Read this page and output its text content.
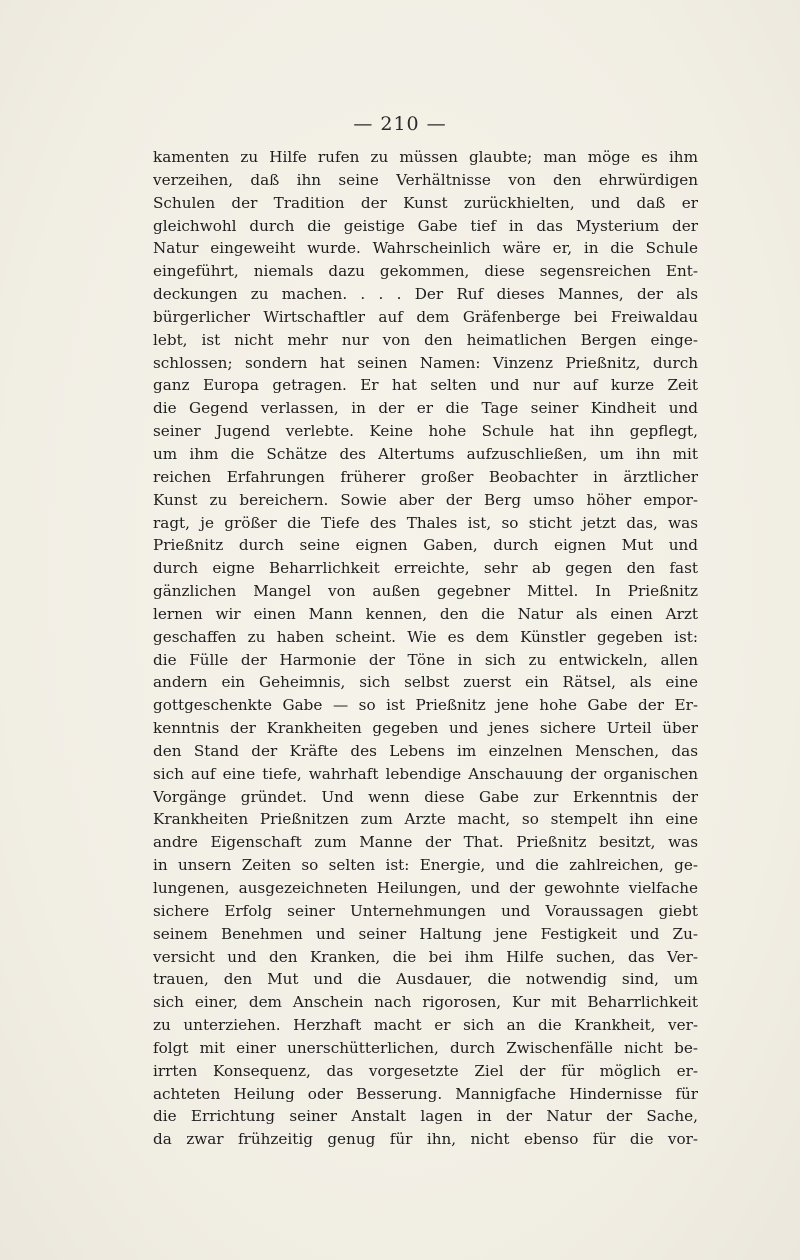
— 210 —
kamenten zu Hilfe rufen zu müssen glaubte; man möge es ihm
verzeihen, daß ihn seine Verhältnisse von den ehrwürdigen
Schulen der Tradition der Kunst zurückhielten, und daß er
gleichwohl durch die geistige Gabe tief in das Mysterium der
Natur eingeweiht wurde. Wahrscheinlich wäre er, in die Schule
eingeführt, niemals dazu gekommen, diese segensreichen Ent-
deckungen zu machen. . . . Der Ruf dieses Mannes, der als
bürgerlicher Wirtschaftler auf dem Gräfenberge bei Freiwaldau
lebt, ist nicht mehr nur von den heimatlichen Bergen einge-
schlossen; sondern hat seinen Namen: Vinzenz Prießnitz, durch
ganz Europa getragen. Er hat selten und nur auf kurze Zeit
die Gegend verlassen, in der er die Tage seiner Kindheit und
seiner Jugend verlebte. Keine hohe Schule hat ihn gepflegt,
um ihm die Schätze des Altertums aufzuschließen, um ihn mit
reichen Erfahrungen früherer großer Beobachter in ärztlicher
Kunst zu bereichern. Sowie aber der Berg umso höher empor-
ragt, je größer die Tiefe des Thales ist, so sticht jetzt das, was
Prießnitz durch seine eignen Gaben, durch eignen Mut und
durch eigne Beharrlichkeit erreichte, sehr ab gegen den fast
gänzlichen Mangel von außen gegebner Mittel. In Prießnitz
lernen wir einen Mann kennen, den die Natur als einen Arzt
geschaffen zu haben scheint. Wie es dem Künstler gegeben ist:
die Fülle der Harmonie der Töne in sich zu entwickeln, allen
andern ein Geheimnis, sich selbst zuerst ein Rätsel, als eine
gottgeschenkte Gabe — so ist Prießnitz jene hohe Gabe der Er-
kenntnis der Krankheiten gegeben und jenes sichere Urteil über
den Stand der Kräfte des Lebens im einzelnen Menschen, das
sich auf eine tiefe, wahrhaft lebendige Anschauung der organischen
Vorgänge gründet. Und wenn diese Gabe zur Erkenntnis der
Krankheiten Prießnitzen zum Arzte macht, so stempelt ihn eine
andre Eigenschaft zum Manne der That. Prießnitz besitzt, was
in unsern Zeiten so selten ist: Energie, und die zahlreichen, ge-
lungenen, ausgezeichneten Heilungen, und der gewohnte vielfache
sichere Erfolg seiner Unternehmungen und Voraussagen giebt
seinem Benehmen und seiner Haltung jene Festigkeit und Zu-
versicht und den Kranken, die bei ihm Hilfe suchen, das Ver-
trauen, den Mut und die Ausdauer, die notwendig sind, um
sich einer, dem Anschein nach rigorosen, Kur mit Beharrlichkeit
zu unterziehen. Herzhaft macht er sich an die Krankheit, ver-
folgt mit einer unerschütterlichen, durch Zwischenfälle nicht be-
irrten Konsequenz, das vorgesetzte Ziel der für möglich er-
achteten Heilung oder Besserung. Mannigfache Hindernisse für
die Errichtung seiner Anstalt lagen in der Natur der Sache,
da zwar frühzeitig genug für ihn, nicht ebenso für die vor-
